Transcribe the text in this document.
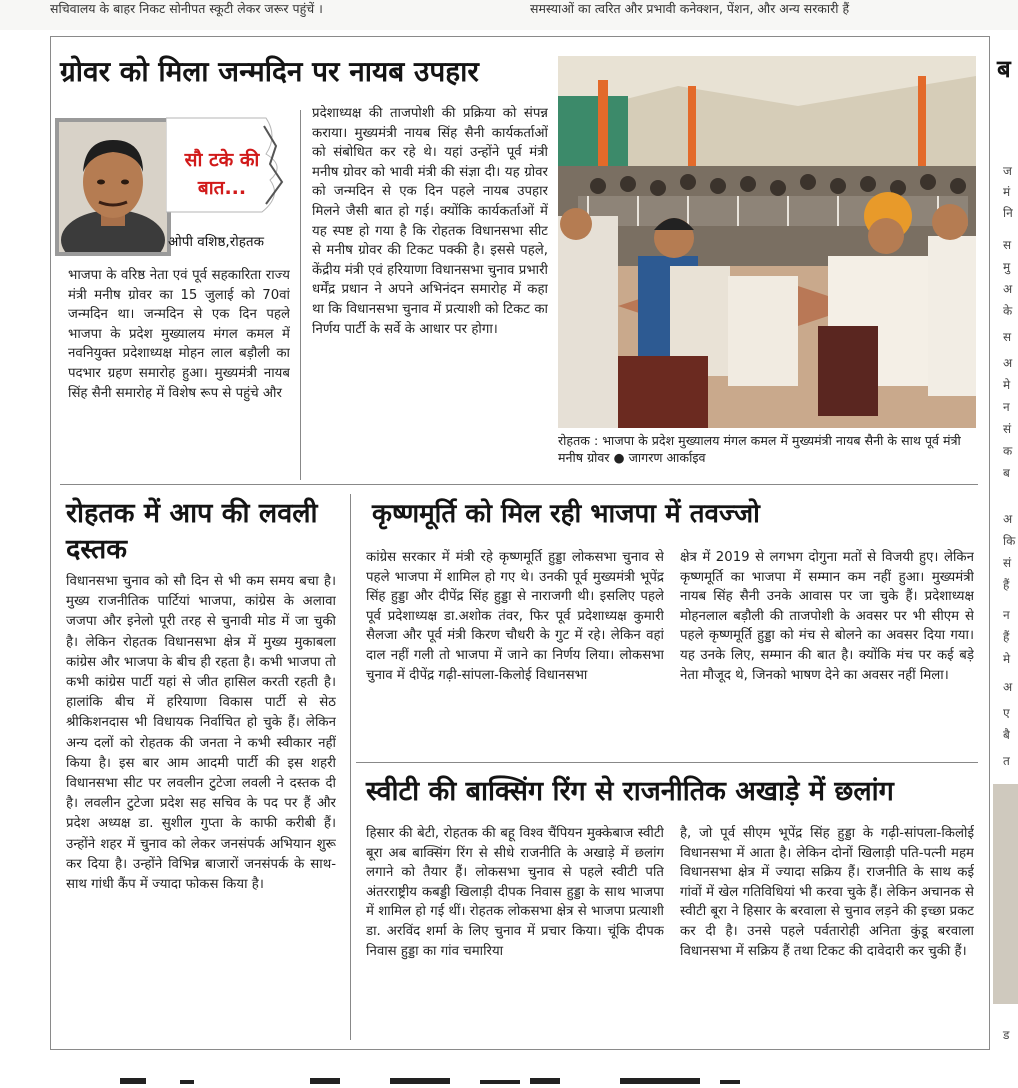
सचिवालय के बाहर निकट सोनीपत स्कूटी लेकर जरूर पहुंचें ।	समस्याओं का त्वरित और प्रभावी कनेक्शन, पेंशन, और अन्य सरकारी हैं
ग्रोवर को मिला जन्मदिन पर नायब उपहार
सौ टके की बात...
ओपी वशिष्ठ,रोहतक
भाजपा के वरिष्ठ नेता एवं पूर्व सहकारिता राज्य मंत्री मनीष ग्रोवर का 15 जुलाई को 70वां जन्मदिन था। जन्मदिन से एक दिन पहले भाजपा के प्रदेश मुख्यालय मंगल कमल में नवनियुक्त प्रदेशाध्यक्ष मोहन लाल बड़ौली का पदभार ग्रहण समारोह हुआ। मुख्यमंत्री नायब सिंह सैनी समारोह में विशेष रूप से पहुंचे और
प्रदेशाध्यक्ष की ताजपोशी की प्रक्रिया को संपन्न कराया। मुख्यमंत्री नायब सिंह सैनी कार्यकर्ताओं को संबोधित कर रहे थे। यहां उन्होंने पूर्व मंत्री मनीष ग्रोवर को भावी मंत्री की संज्ञा दी। यह ग्रोवर को जन्मदिन से एक दिन पहले नायब उपहार मिलने जैसी बात हो गई। क्योंकि कार्यकर्ताओं में यह स्पष्ट हो गया है कि रोहतक विधानसभा सीट से मनीष ग्रोवर की टिकट पक्की है। इससे पहले, केंद्रीय मंत्री एवं हरियाणा विधानसभा चुनाव प्रभारी धर्मेंद्र प्रधान ने अपने अभिनंदन समारोह में कहा था कि विधानसभा चुनाव में प्रत्याशी को टिकट का निर्णय पार्टी के सर्वे के आधार पर होगा।
रोहतक : भाजपा के प्रदेश मुख्यालय मंगल कमल में मुख्यमंत्री नायब सैनी के साथ पूर्व मंत्री मनीष ग्रोवर ● जागरण आर्काइव
रोहतक में आप की लवली दस्तक
विधानसभा चुनाव को सौ दिन से भी कम समय बचा है। मुख्य राजनीतिक पार्टियां भाजपा, कांग्रेस के अलावा जजपा और इनेलो पूरी तरह से चुनावी मोड में जा चुकी है। लेकिन रोहतक विधानसभा क्षेत्र में मुख्य मुकाबला कांग्रेस और भाजपा के बीच ही रहता है। कभी भाजपा तो कभी कांग्रेस पार्टी यहां से जीत हासिल करती रहती है। हालांकि बीच में हरियाणा विकास पार्टी से सेठ श्रीकिशनदास भी विधायक निर्वाचित हो चुके हैं। लेकिन अन्य दलों को रोहतक की जनता ने कभी स्वीकार नहीं किया है। इस बार आम आदमी पार्टी की इस शहरी विधानसभा सीट पर लवलीन टुटेजा लवली ने दस्तक दी है। लवलीन टुटेजा प्रदेश सह सचिव के पद पर हैं और प्रदेश अध्यक्ष डा. सुशील गुप्ता के काफी करीबी हैं। उन्होंने शहर में चुनाव को लेकर जनसंपर्क अभियान शुरू कर दिया है। उन्होंने विभिन्न बाजारों जनसंपर्क के साथ-साथ गांधी कैंप में ज्यादा फोकस किया है।
कृष्णमूर्ति को मिल रही भाजपा में तवज्जो
कांग्रेस सरकार में मंत्री रहे कृष्णमूर्ति हुड्डा लोकसभा चुनाव से पहले भाजपा में शामिल हो गए थे। उनकी पूर्व मुख्यमंत्री भूपेंद्र सिंह हुड्डा और दीपेंद्र सिंह हुड्डा से नाराजगी थी। इसलिए पहले पूर्व प्रदेशाध्यक्ष डा.अशोक तंवर, फिर पूर्व प्रदेशाध्यक्ष कुमारी सैलजा और पूर्व मंत्री किरण चौधरी के गुट में रहे। लेकिन वहां दाल नहीं गली तो भाजपा में जाने का निर्णय लिया। लोकसभा चुनाव में दीपेंद्र गढ़ी-सांपला-किलोई विधानसभा
क्षेत्र में 2019 से लगभग दोगुना मतों से विजयी हुए। लेकिन कृष्णमूर्ति का भाजपा में सम्मान कम नहीं हुआ। मुख्यमंत्री नायब सिंह सैनी उनके आवास पर जा चुके हैं। प्रदेशाध्यक्ष मोहनलाल बड़ौली की ताजपोशी के अवसर पर भी सीएम से पहले कृष्णमूर्ति हुड्डा को मंच से बोलने का अवसर दिया गया। यह उनके लिए, सम्मान की बात है। क्योंकि मंच पर कई बड़े नेता मौजूद थे, जिनको भाषण देने का अवसर नहीं मिला।
स्वीटी की बाक्सिंग रिंग से राजनीतिक अखाड़े में छलांग
हिसार की बेटी, रोहतक की बहू विश्व चैंपियन मुक्केबाज स्वीटी बूरा अब बाक्सिंग रिंग से सीधे राजनीति के अखाड़े में छलांग लगाने को तैयार हैं। लोकसभा चुनाव से पहले स्वीटी पति अंतरराष्ट्रीय कबड्डी खिलाड़ी दीपक निवास हुड्डा के साथ भाजपा में शामिल हो गई थीं। रोहतक लोकसभा क्षेत्र से भाजपा प्रत्याशी डा. अरविंद शर्मा के लिए चुनाव में प्रचार किया। चूंकि दीपक निवास हुड्डा का गांव चमारिया
है, जो पूर्व सीएम भूपेंद्र सिंह हुड्डा के गढ़ी-सांपला-किलोई विधानसभा में आता है। लेकिन दोनों खिलाड़ी पति-पत्नी महम विधानसभा क्षेत्र में ज्यादा सक्रिय हैं। राजनीति के साथ कई गांवों में खेल गतिविधियां भी करवा चुके हैं। लेकिन अचानक से स्वीटी बूरा ने हिसार के बरवाला से चुनाव लड़ने की इच्छा प्रकट कर दी है। उनसे पहले पर्वतारोही अनिता कुंडू बरवाला विधानसभा में सक्रिय हैं तथा टिकट की दावेदारी कर चुकी हैं।
ब
ज
मं
नि
स
मु
अ
के
स
अ
मे
न
सं
क
ब
अ
कि
सं
हैं
न
हैं
मे
अ
ए
बै
त
ड
